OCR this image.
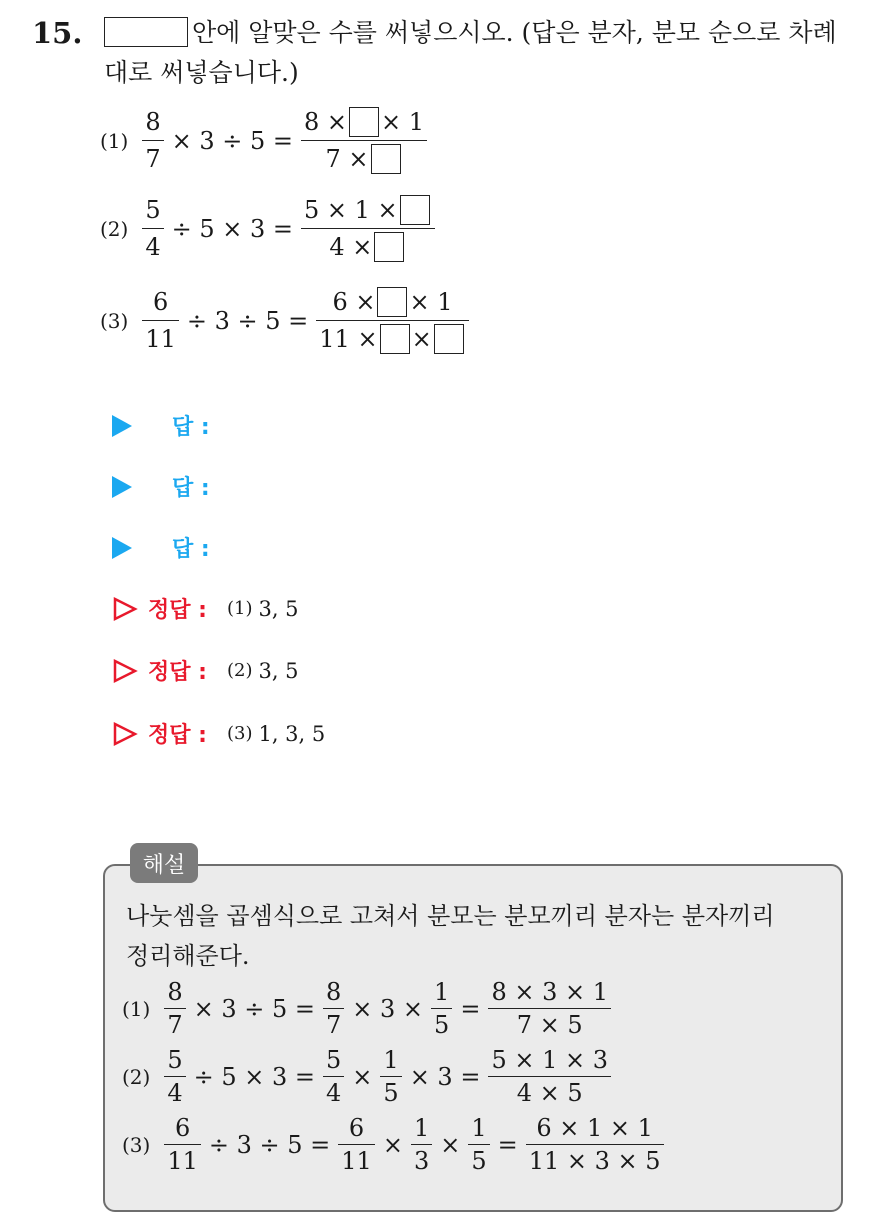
15.	안에 알맞은 수를 써넣으시오. (답은 분자, 분모 순으로 차례
대로 써넣습니다.)
$(1) \frac{8}{7} \times 3 \div 5 = \frac{8 \times \times 1}{7 \times}$
$(2) \frac{5}{4} \div 5 \times 3 = \frac{5 \times 1 \times}{4 \times}$
$(3) \frac{6}{11} \div 3 \div 5 = \frac{6 \times \times 1}{11 \times \times}$
답 :
답 :
답 :
정답 : (1) 3, 5
정답 : (2) 3, 5
정답 : (3) 1, 3, 5
해설
나눗셈을 곱셈식으로 고쳐서 분모는 분모끼리 분자는 분자끼리
정리해준다.
$(1) \frac{8}{7} \times 3 \div 5 = \frac{8}{7} \times 3 \times \frac{1}{5} = \frac{8 \times 3 \times 1}{7 \times 5}$
$(2) \frac{5}{4} \div 5 \times 3 = \frac{5}{4} \times \frac{1}{5} \times 3 = \frac{5 \times 1 \times 3}{4 \times 5}$
$(3) \frac{6}{11} \div 3 \div 5 = \frac{6}{11} \times \frac{1}{3} \times \frac{1}{5} = \frac{6 \times 1 \times 1}{11 \times 3 \times 5}$
